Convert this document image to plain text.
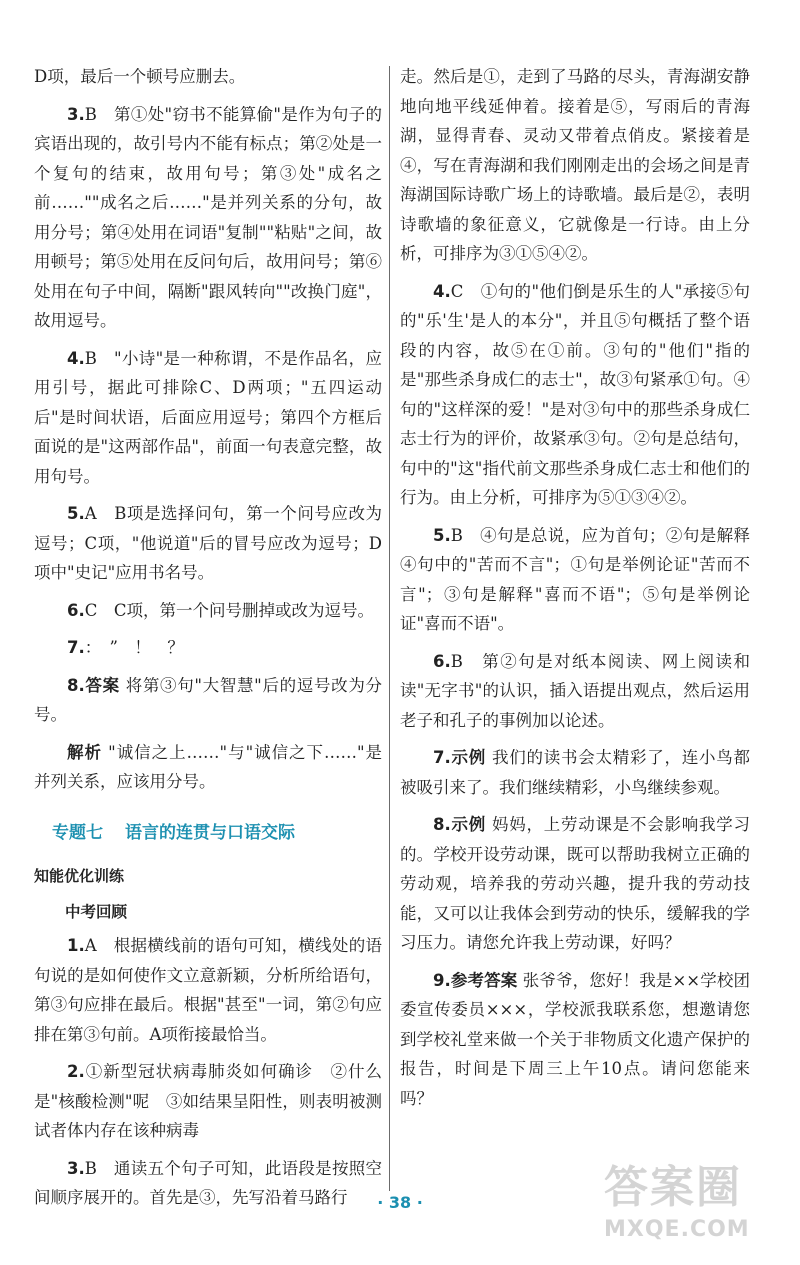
D项，最后一个顿号应删去。

3.B　第①处"窃书不能算偷"是作为句子的宾语出现的，故引号内不能有标点；第②处是一个复句的结束，故用句号；第③处"成名之前……""成名之后……"是并列关系的分句，故用分号；第④处用在词语"复制""粘贴"之间，故用顿号；第⑤处用在反问句后，故用问号；第⑥处用在句子中间，隔断"跟风转向""改换门庭"，故用逗号。

4.B　"小诗"是一种称谓，不是作品名，应用引号，据此可排除C、D两项；"五四运动后"是时间状语，后面应用逗号；第四个方框后面说的是"这两部作品"，前面一句表意完整，故用句号。

5.A　B项是选择问句，第一个问号应改为逗号；C项，"他说道"后的冒号应改为逗号；D项中"史记"应用书名号。

6.C　C项，第一个问号删掉或改为逗号。

7.：　”　！　？

8.答案 将第③句"大智慧"后的逗号改为分号。

解析 "诚信之上……"与"诚信之下……"是并列关系，应该用分号。

专题七 语言的连贯与口语交际
知能优化训练
中考回顾

1.A　根据横线前的语句可知，横线处的语句说的是如何使作文立意新颖，分析所给语句，第③句应排在最后。根据"甚至"一词，第②句应排在第③句前。A项衔接最恰当。

2.①新型冠状病毒肺炎如何确诊　②什么是"核酸检测"呢　③如结果呈阳性，则表明被测试者体内存在该种病毒

3.B　通读五个句子可知，此语段是按照空间顺序展开的。首先是③，先写沿着马路行

走。然后是①，走到了马路的尽头，青海湖安静地向地平线延伸着。接着是⑤，写雨后的青海湖，显得青春、灵动又带着点俏皮。紧接着是④，写在青海湖和我们刚刚走出的会场之间是青海湖国际诗歌广场上的诗歌墙。最后是②，表明诗歌墙的象征意义，它就像是一行诗。由上分析，可排序为③①⑤④②。

4.C　①句的"他们倒是乐生的人"承接⑤句的"乐'生'是人的本分"，并且⑤句概括了整个语段的内容，故⑤在①前。③句的"他们"指的是"那些杀身成仁的志士"，故③句紧承①句。④句的"这样深的爱！"是对③句中的那些杀身成仁志士行为的评价，故紧承③句。②句是总结句，句中的"这"指代前文那些杀身成仁志士和他们的行为。由上分析，可排序为⑤①③④②。

5.B　④句是总说，应为首句；②句是解释④句中的"苦而不言"；①句是举例论证"苦而不言"；③句是解释"喜而不语"；⑤句是举例论证"喜而不语"。

6.B　第②句是对纸本阅读、网上阅读和读"无字书"的认识，插入语提出观点，然后运用老子和孔子的事例加以论述。

7.示例 我们的读书会太精彩了，连小鸟都被吸引来了。我们继续精彩，小鸟继续参观。

8.示例 妈妈，上劳动课是不会影响我学习的。学校开设劳动课，既可以帮助我树立正确的劳动观，培养我的劳动兴趣，提升我的劳动技能，又可以让我体会到劳动的快乐，缓解我的学习压力。请您允许我上劳动课，好吗？

9.参考答案 张爷爷，您好！我是××学校团委宣传委员×××，学校派我联系您，想邀请您到学校礼堂来做一个关于非物质文化遗产保护的报告，时间是下周三上午10点。请问您能来吗？

· 38 ·	答案圈
MXQE.COM
